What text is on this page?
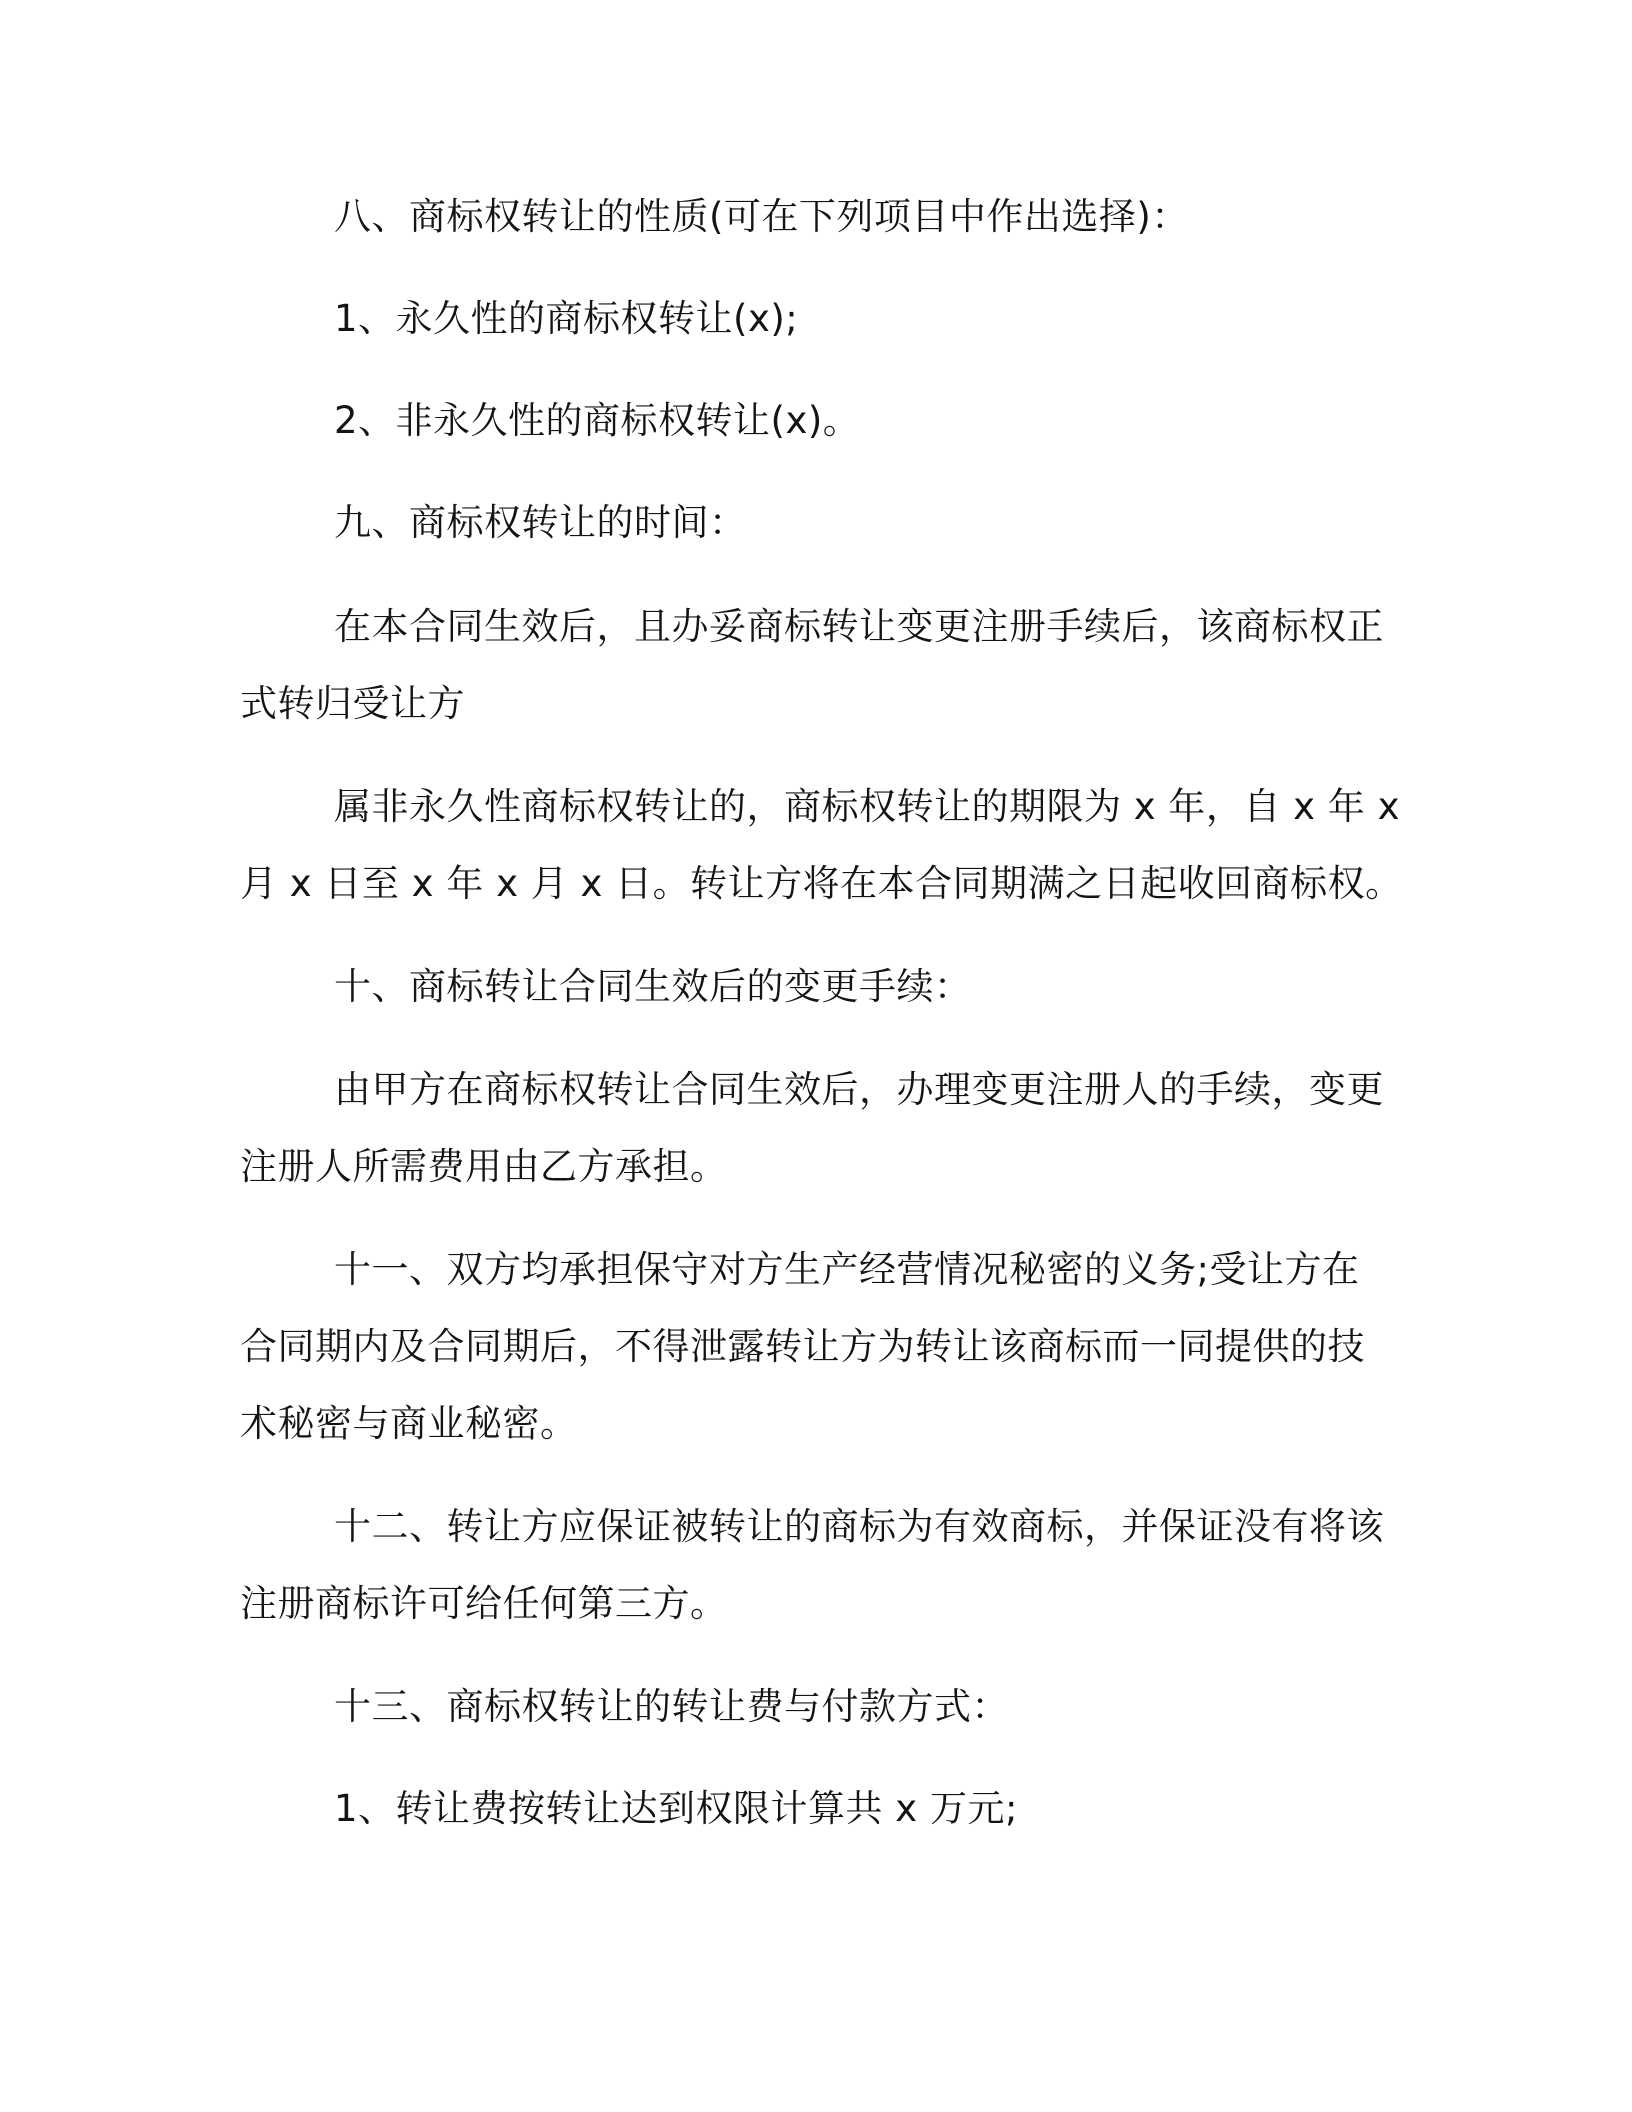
八、商标权转让的性质(可在下列项目中作出选择)：
1、永久性的商标权转让(x);
2、非永久性的商标权转让(x)。
九、商标权转让的时间：
在本合同生效后，且办妥商标转让变更注册手续后，该商标权正
式转归受让方
属非永久性商标权转让的，商标权转让的期限为 x 年，自 x 年 x
月 x 日至 x 年 x 月 x 日。转让方将在本合同期满之日起收回商标权。
十、商标转让合同生效后的变更手续：
由甲方在商标权转让合同生效后，办理变更注册人的手续，变更
注册人所需费用由乙方承担。
十一、双方均承担保守对方生产经营情况秘密的义务;受让方在
合同期内及合同期后，不得泄露转让方为转让该商标而一同提供的技
术秘密与商业秘密。
十二、转让方应保证被转让的商标为有效商标，并保证没有将该
注册商标许可给任何第三方。
十三、商标权转让的转让费与付款方式：
1、转让费按转让达到权限计算共 x 万元;
